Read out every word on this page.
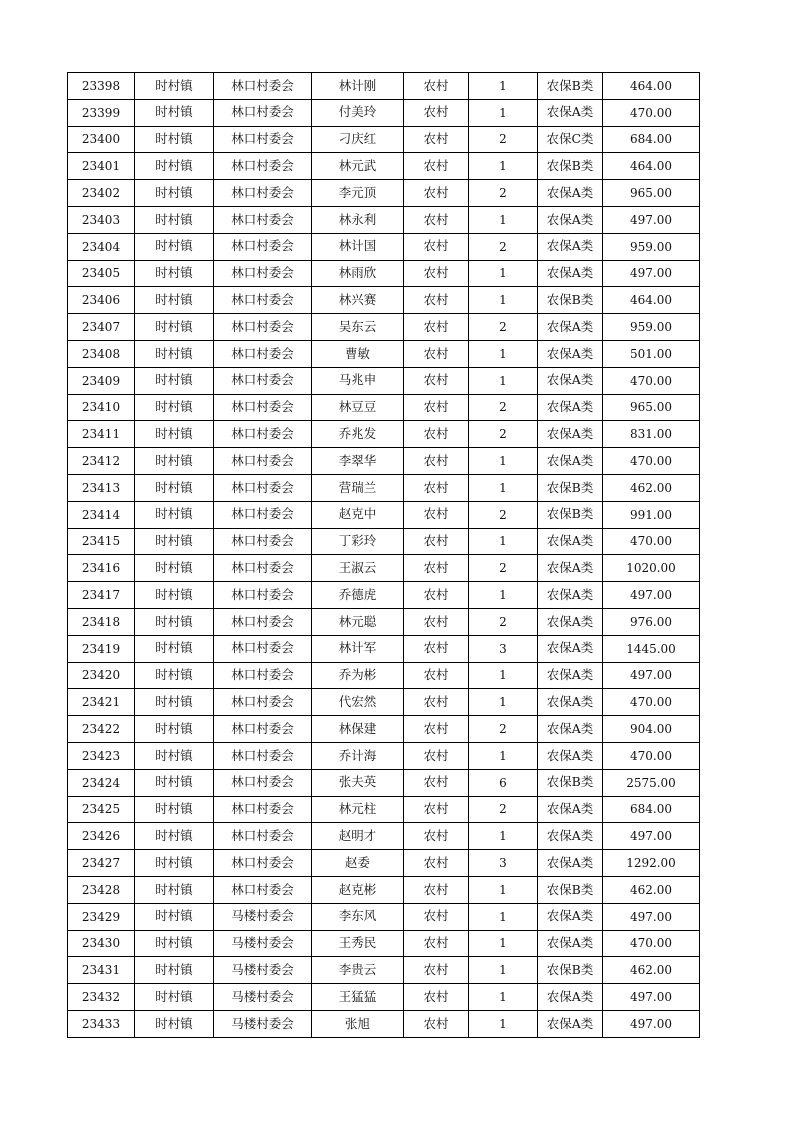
23398	时村镇	林口村委会	林计刚	农村	1	农保B类	464.00
23399	时村镇	林口村委会	付美玲	农村	1	农保A类	470.00
23400	时村镇	林口村委会	刁庆红	农村	2	农保C类	684.00
23401	时村镇	林口村委会	林元武	农村	1	农保B类	464.00
23402	时村镇	林口村委会	李元顶	农村	2	农保A类	965.00
23403	时村镇	林口村委会	林永利	农村	1	农保A类	497.00
23404	时村镇	林口村委会	林计国	农村	2	农保A类	959.00
23405	时村镇	林口村委会	林雨欣	农村	1	农保A类	497.00
23406	时村镇	林口村委会	林兴赛	农村	1	农保B类	464.00
23407	时村镇	林口村委会	吴东云	农村	2	农保A类	959.00
23408	时村镇	林口村委会	曹敏	农村	1	农保A类	501.00
23409	时村镇	林口村委会	马兆申	农村	1	农保A类	470.00
23410	时村镇	林口村委会	林豆豆	农村	2	农保A类	965.00
23411	时村镇	林口村委会	乔兆发	农村	2	农保A类	831.00
23412	时村镇	林口村委会	李翠华	农村	1	农保A类	470.00
23413	时村镇	林口村委会	营瑞兰	农村	1	农保B类	462.00
23414	时村镇	林口村委会	赵克中	农村	2	农保B类	991.00
23415	时村镇	林口村委会	丁彩玲	农村	1	农保A类	470.00
23416	时村镇	林口村委会	王淑云	农村	2	农保A类	1020.00
23417	时村镇	林口村委会	乔德虎	农村	1	农保A类	497.00
23418	时村镇	林口村委会	林元聪	农村	2	农保A类	976.00
23419	时村镇	林口村委会	林计军	农村	3	农保A类	1445.00
23420	时村镇	林口村委会	乔为彬	农村	1	农保A类	497.00
23421	时村镇	林口村委会	代宏然	农村	1	农保A类	470.00
23422	时村镇	林口村委会	林保建	农村	2	农保A类	904.00
23423	时村镇	林口村委会	乔计海	农村	1	农保A类	470.00
23424	时村镇	林口村委会	张夫英	农村	6	农保B类	2575.00
23425	时村镇	林口村委会	林元柱	农村	2	农保A类	684.00
23426	时村镇	林口村委会	赵明才	农村	1	农保A类	497.00
23427	时村镇	林口村委会	赵委	农村	3	农保A类	1292.00
23428	时村镇	林口村委会	赵克彬	农村	1	农保B类	462.00
23429	时村镇	马楼村委会	李东风	农村	1	农保A类	497.00
23430	时村镇	马楼村委会	王秀民	农村	1	农保A类	470.00
23431	时村镇	马楼村委会	李贵云	农村	1	农保B类	462.00
23432	时村镇	马楼村委会	王猛猛	农村	1	农保A类	497.00
23433	时村镇	马楼村委会	张旭	农村	1	农保A类	497.00
